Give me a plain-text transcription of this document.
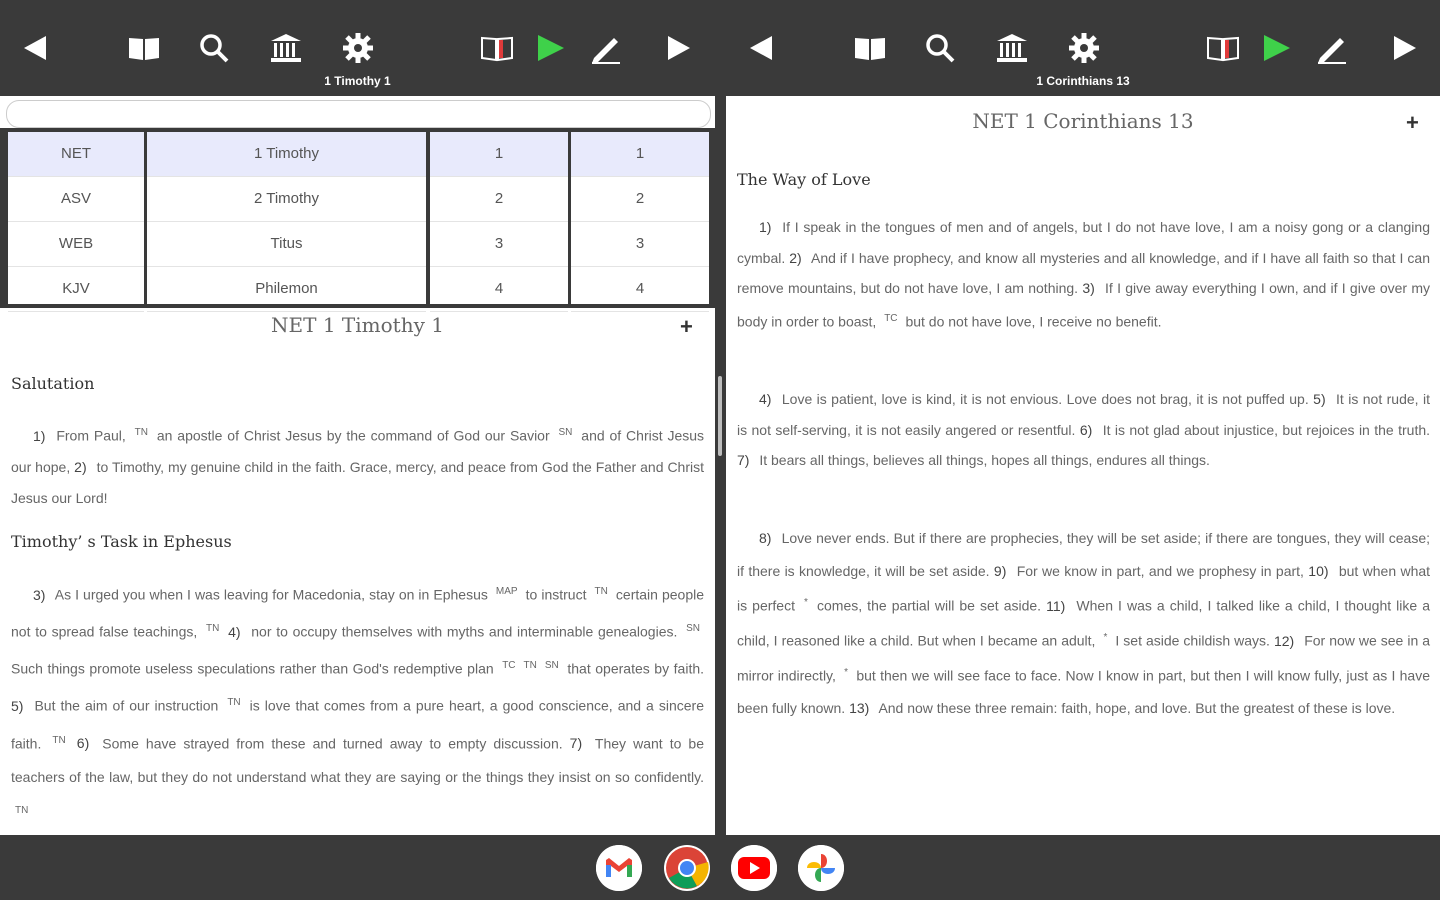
1 Timothy 1
NET
ASV
WEB
KJV
1 Timothy
2 Timothy
Titus
Philemon
1
2
3
4
1
2
3
4
NET 1 Timothy 1	+
Salutation
1) From Paul, $^{TN}$ an apostle of Christ Jesus by the command of God our Savior $^{SN}$ and of Christ Jesus our hope, 2) to Timothy, my genuine child in the faith. Grace, mercy, and peace from God the Father and Christ Jesus our Lord!
Timothy’ s Task in Ephesus
3) As I urged you when I was leaving for Macedonia, stay on in Ephesus $^{MAP}$ to instruct $^{TN}$ certain people not to spread false teachings, $^{TN}$ 4) nor to occupy themselves with myths and interminable genealogies. $^{SN}$ Such things promote useless speculations rather than God's redemptive plan $^{TC}$ $^{TN}$ $^{SN}$ that operates by faith. 5) But the aim of our instruction $^{TN}$ is love that comes from a pure heart, a good conscience, and a sincere faith. $^{TN}$ 6) Some have strayed from these and turned away to empty discussion. 7) They want to be teachers of the law, but they do not understand what they are saying or the things they insist on so confidently. $^{TN}$
1 Corinthians 13
NET 1 Corinthians 13	+
The Way of Love
1) If I speak in the tongues of men and of angels, but I do not have love, I am a noisy gong or a clanging cymbal. 2) And if I have prophecy, and know all mysteries and all knowledge, and if I have all faith so that I can remove mountains, but do not have love, I am nothing. 3) If I give away everything I own, and if I give over my body in order to boast, $^{TC}$ but do not have love, I receive no benefit.
4) Love is patient, love is kind, it is not envious. Love does not brag, it is not puffed up. 5) It is not rude, it is not self-serving, it is not easily angered or resentful. 6) It is not glad about injustice, but rejoices in the truth. 7) It bears all things, believes all things, hopes all things, endures all things.
8) Love never ends. But if there are prophecies, they will be set aside; if there are tongues, they will cease; if there is knowledge, it will be set aside. 9) For we know in part, and we prophesy in part, 10) but when what is perfect * comes, the partial will be set aside. 11) When I was a child, I talked like a child, I thought like a child, I reasoned like a child. But when I became an adult, * I set aside childish ways. 12) For now we see in a mirror indirectly, * but then we will see face to face. Now I know in part, but then I will know fully, just as I have been fully known. 13) And now these three remain: faith, hope, and love. But the greatest of these is love.
